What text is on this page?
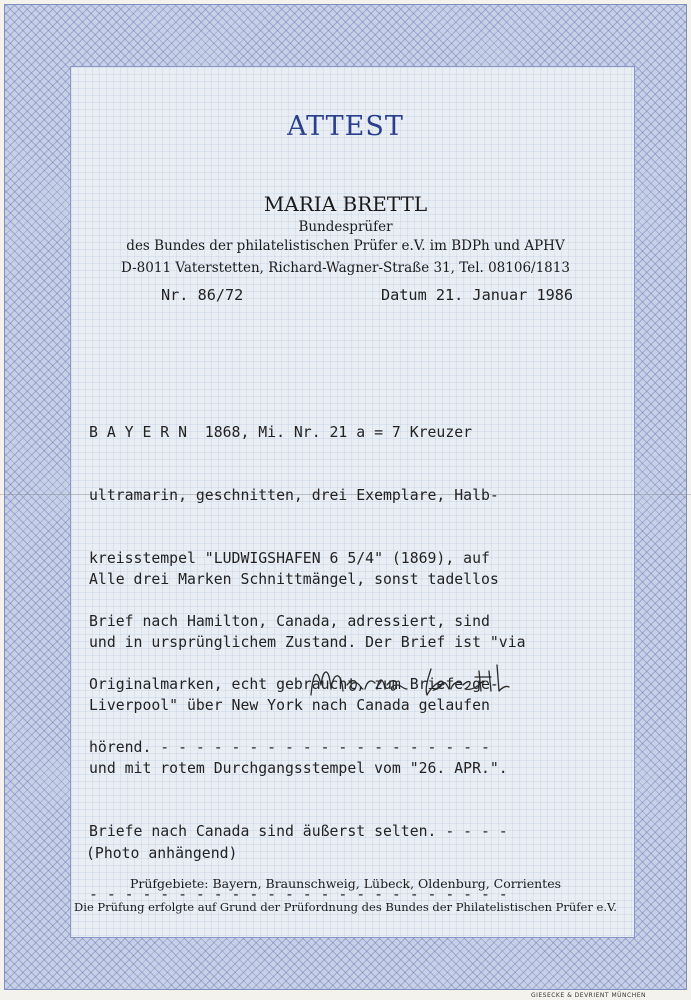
ATTEST
MARIA BRETTL
Bundesprüfer
des Bundes der philatelistischen Prüfer e.V. im BDPh und APHV
D-8011 Vaterstetten, Richard-Wagner-Straße 31, Tel. 08106/1813
Nr. 86/72	Datum 21. Januar 1986

B A Y E R N  1868, Mi. Nr. 21 a = 7 Kreuzer

ultramarin, geschnitten, drei Exemplare, Halb-

kreisstempel "LUDWIGSHAFEN 6 5/4" (1869), auf

Brief nach Hamilton, Canada, adressiert, sind

Originalmarken, echt gebraucht, zum Briefe ge-

hörend. - - - - - - - - - - - - - - - - - - -

Alle drei Marken Schnittmängel, sonst tadellos

und in ursprünglichem Zustand. Der Brief ist "via

Liverpool" über New York nach Canada gelaufen

und mit rotem Durchgangsstempel vom "26. APR.".

Briefe nach Canada sind äußerst selten. - - - -

- - - - - - - - - - - - - - - - - - - - - - - -

(Photo anhängend)
Prüfgebiete: Bayern, Braunschweig, Lübeck, Oldenburg, Corrientes
Die Prüfung erfolgte auf Grund der Prüfordnung des Bundes der Philatelistischen Prüfer e.V.
GIESECKE & DEVRIENT MÜNCHEN
